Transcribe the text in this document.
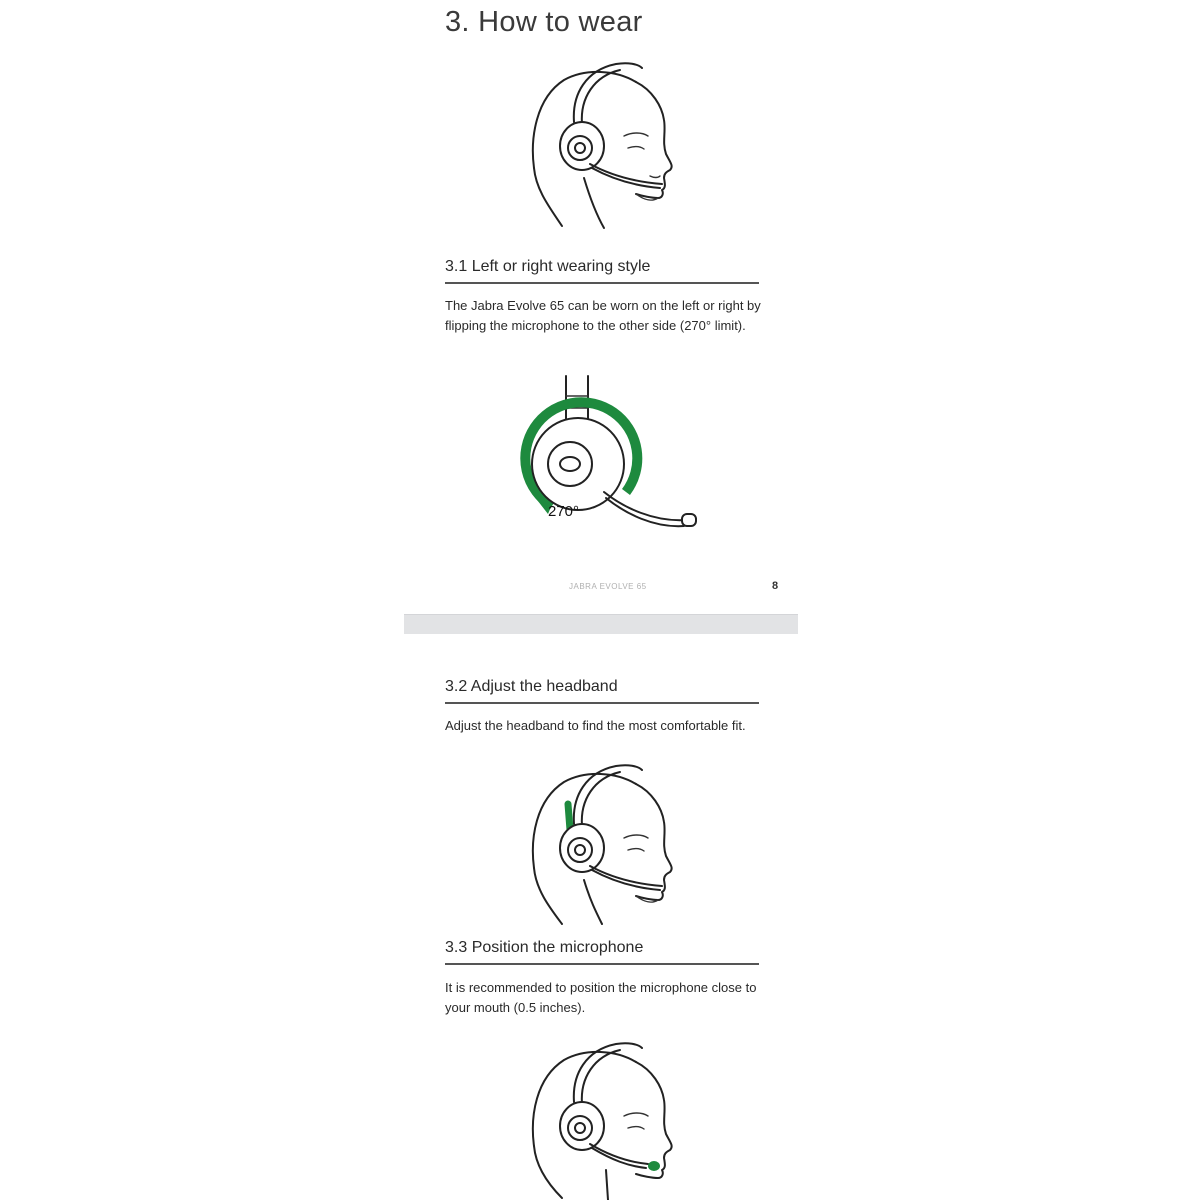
3. How to wear
3.1 Left or right wearing style

The Jabra Evolve 65 can be worn on the left or right by flipping the microphone to the other side (270° limit).

270°
JABRA EVOLVE 65	8
3.2 Adjust the headband

Adjust the headband to find the most comfortable fit.

3.3 Position the microphone

It is recommended to position the microphone close to your mouth (0.5 inches).
